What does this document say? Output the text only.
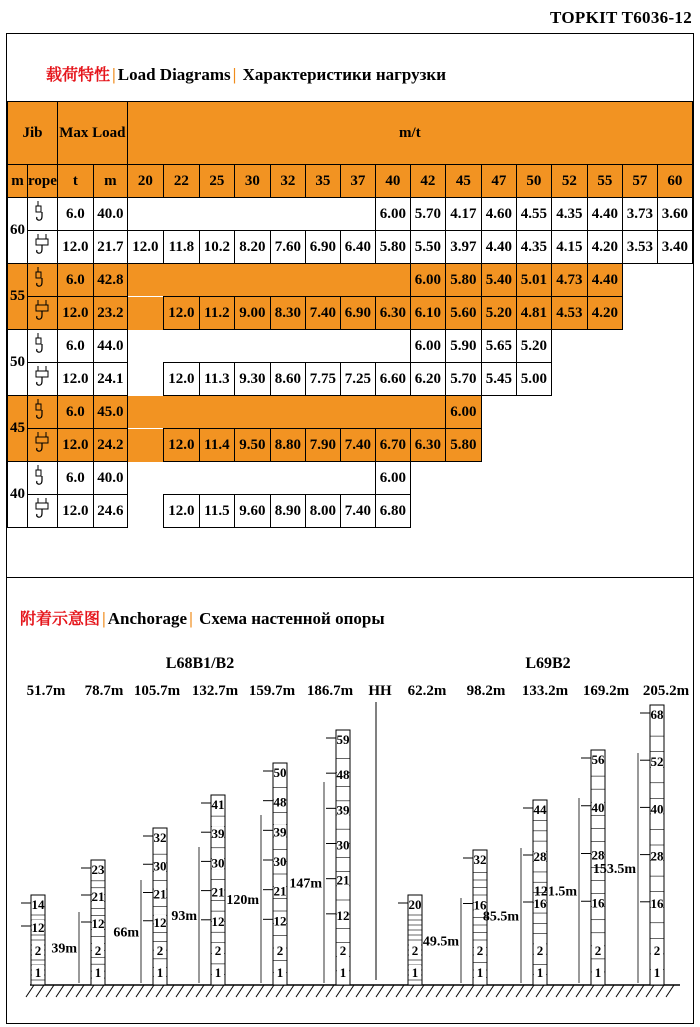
TOPKIT T6036-12
载荷特性 | Load Diagrams | Характеристики нагрузки
Jib		Max Load		m/t															
m	rope	t	m	20	22	25	30	32	35	37	40	42	45	47	50	52	55	57	60
60		6.0	40.0								6.00	5.70	4.17	4.60	4.55	4.35	4.40	3.73	3.60
	12.0	21.7	12.0	11.8	10.2	8.20	7.60	6.90	6.40	5.80	5.50	3.97	4.40	4.35	4.15	4.20	3.53	3.40
55		6.0	42.8									6.00	5.80	5.40	5.01	4.73	4.40		
	12.0	23.2		12.0	11.2	9.00	8.30	7.40	6.90	6.30	6.10	5.60	5.20	4.81	4.53	4.20		
50		6.0	44.0									6.00	5.90	5.65	5.20				
	12.0	24.1		12.0	11.3	9.30	8.60	7.75	7.25	6.60	6.20	5.70	5.45	5.00				
45		6.0	45.0										6.00						
	12.0	24.2		12.0	11.4	9.50	8.80	7.90	7.40	6.70	6.30	5.80						
40		6.0	40.0								6.00								
	12.0	24.6		12.0	11.5	9.60	8.90	8.00	7.40	6.80								

附着示意图 | Anchorage | Схема настенной опоры
L68B1/B2	L69B2
51.7m 78.7m 105.7m 132.7m 159.7m 186.7m HH 62.2m 98.2m 133.2m 169.2m 205.2m
1
2
12
14
1
2
12
21
23
39m
1
2
12
21
30
32
66m
1
2
12
21
30
39
41
93m
1
2
12
21
30
39
48
50
120m
1
2
12
21
30
39
48
59
147m
1
2
20
1
2
16
32
49.5m
1
2
16
28
44
85.5m
1
2
16
28
40
56
121.5m
1
2
16
28
40
52
68
153.5m
